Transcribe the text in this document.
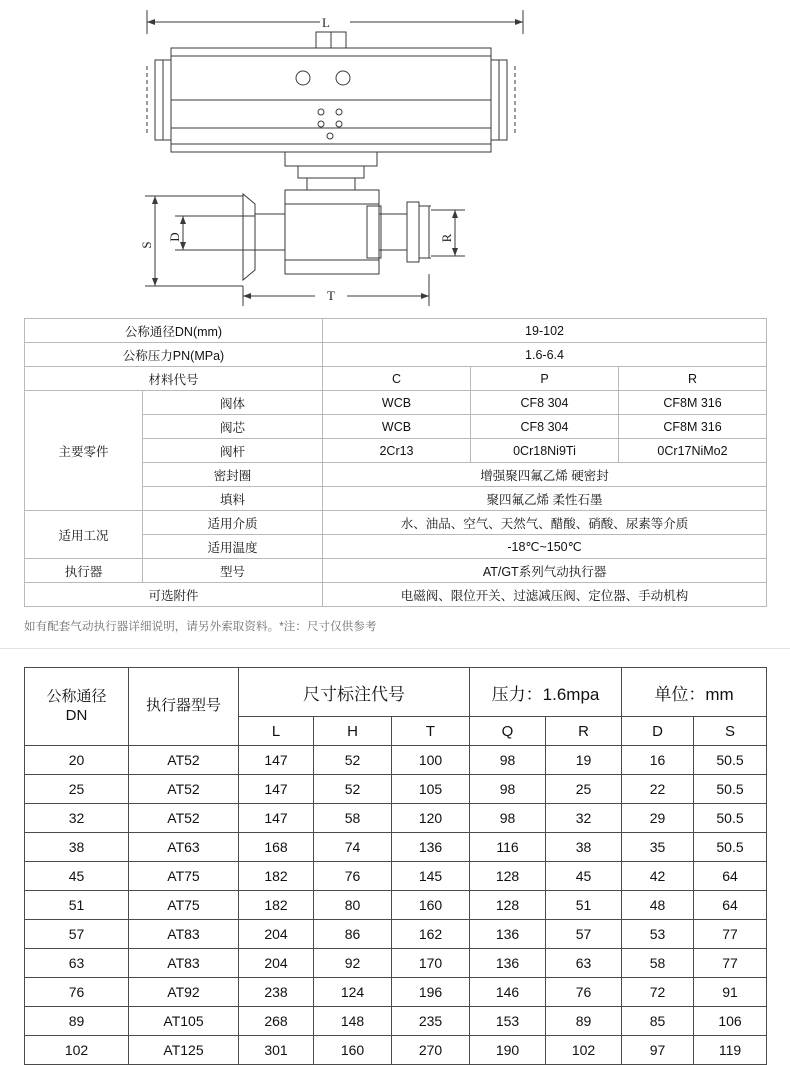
L
T
S
D	R
公称通径DN(mm)		19-102		
公称压力PN(MPa)		1.6-6.4		
材料代号		C	P	R
主要零件	阀体	WCB	CF8 304	CF8M 316
	阀芯	WCB	CF8 304	CF8M 316
	阀杆	2Cr13	0Cr18Ni9Ti	0Cr17NiMo2
	密封圈	增强聚四氟乙烯 硬密封		
	填料	聚四氟乙烯 柔性石墨		
适用工况	适用介质	水、油品、空气、天然气、醋酸、硝酸、尿素等介质		
	适用温度	-18℃~150℃		
执行器	型号	AT/GT系列气动执行器		
可选附件		电磁阀、限位开关、过滤减压阀、定位器、手动机构		
如有配套气动执行器详细说明，请另外索取资料。*注：尺寸仅供参考
公称通径
DN	执行器型号	尺寸标注代号			压力：1.6mpa		单位：mm	
		L	H	T	Q	R	D	S
20	AT52	147	52	100	98	19	16	50.5
25	AT52	147	52	105	98	25	22	50.5
32	AT52	147	58	120	98	32	29	50.5
38	AT63	168	74	136	116	38	35	50.5
45	AT75	182	76	145	128	45	42	64
51	AT75	182	80	160	128	51	48	64
57	AT83	204	86	162	136	57	53	77
63	AT83	204	92	170	136	63	58	77
76	AT92	238	124	196	146	76	72	91
89	AT105	268	148	235	153	89	85	106
102	AT125	301	160	270	190	102	97	119
